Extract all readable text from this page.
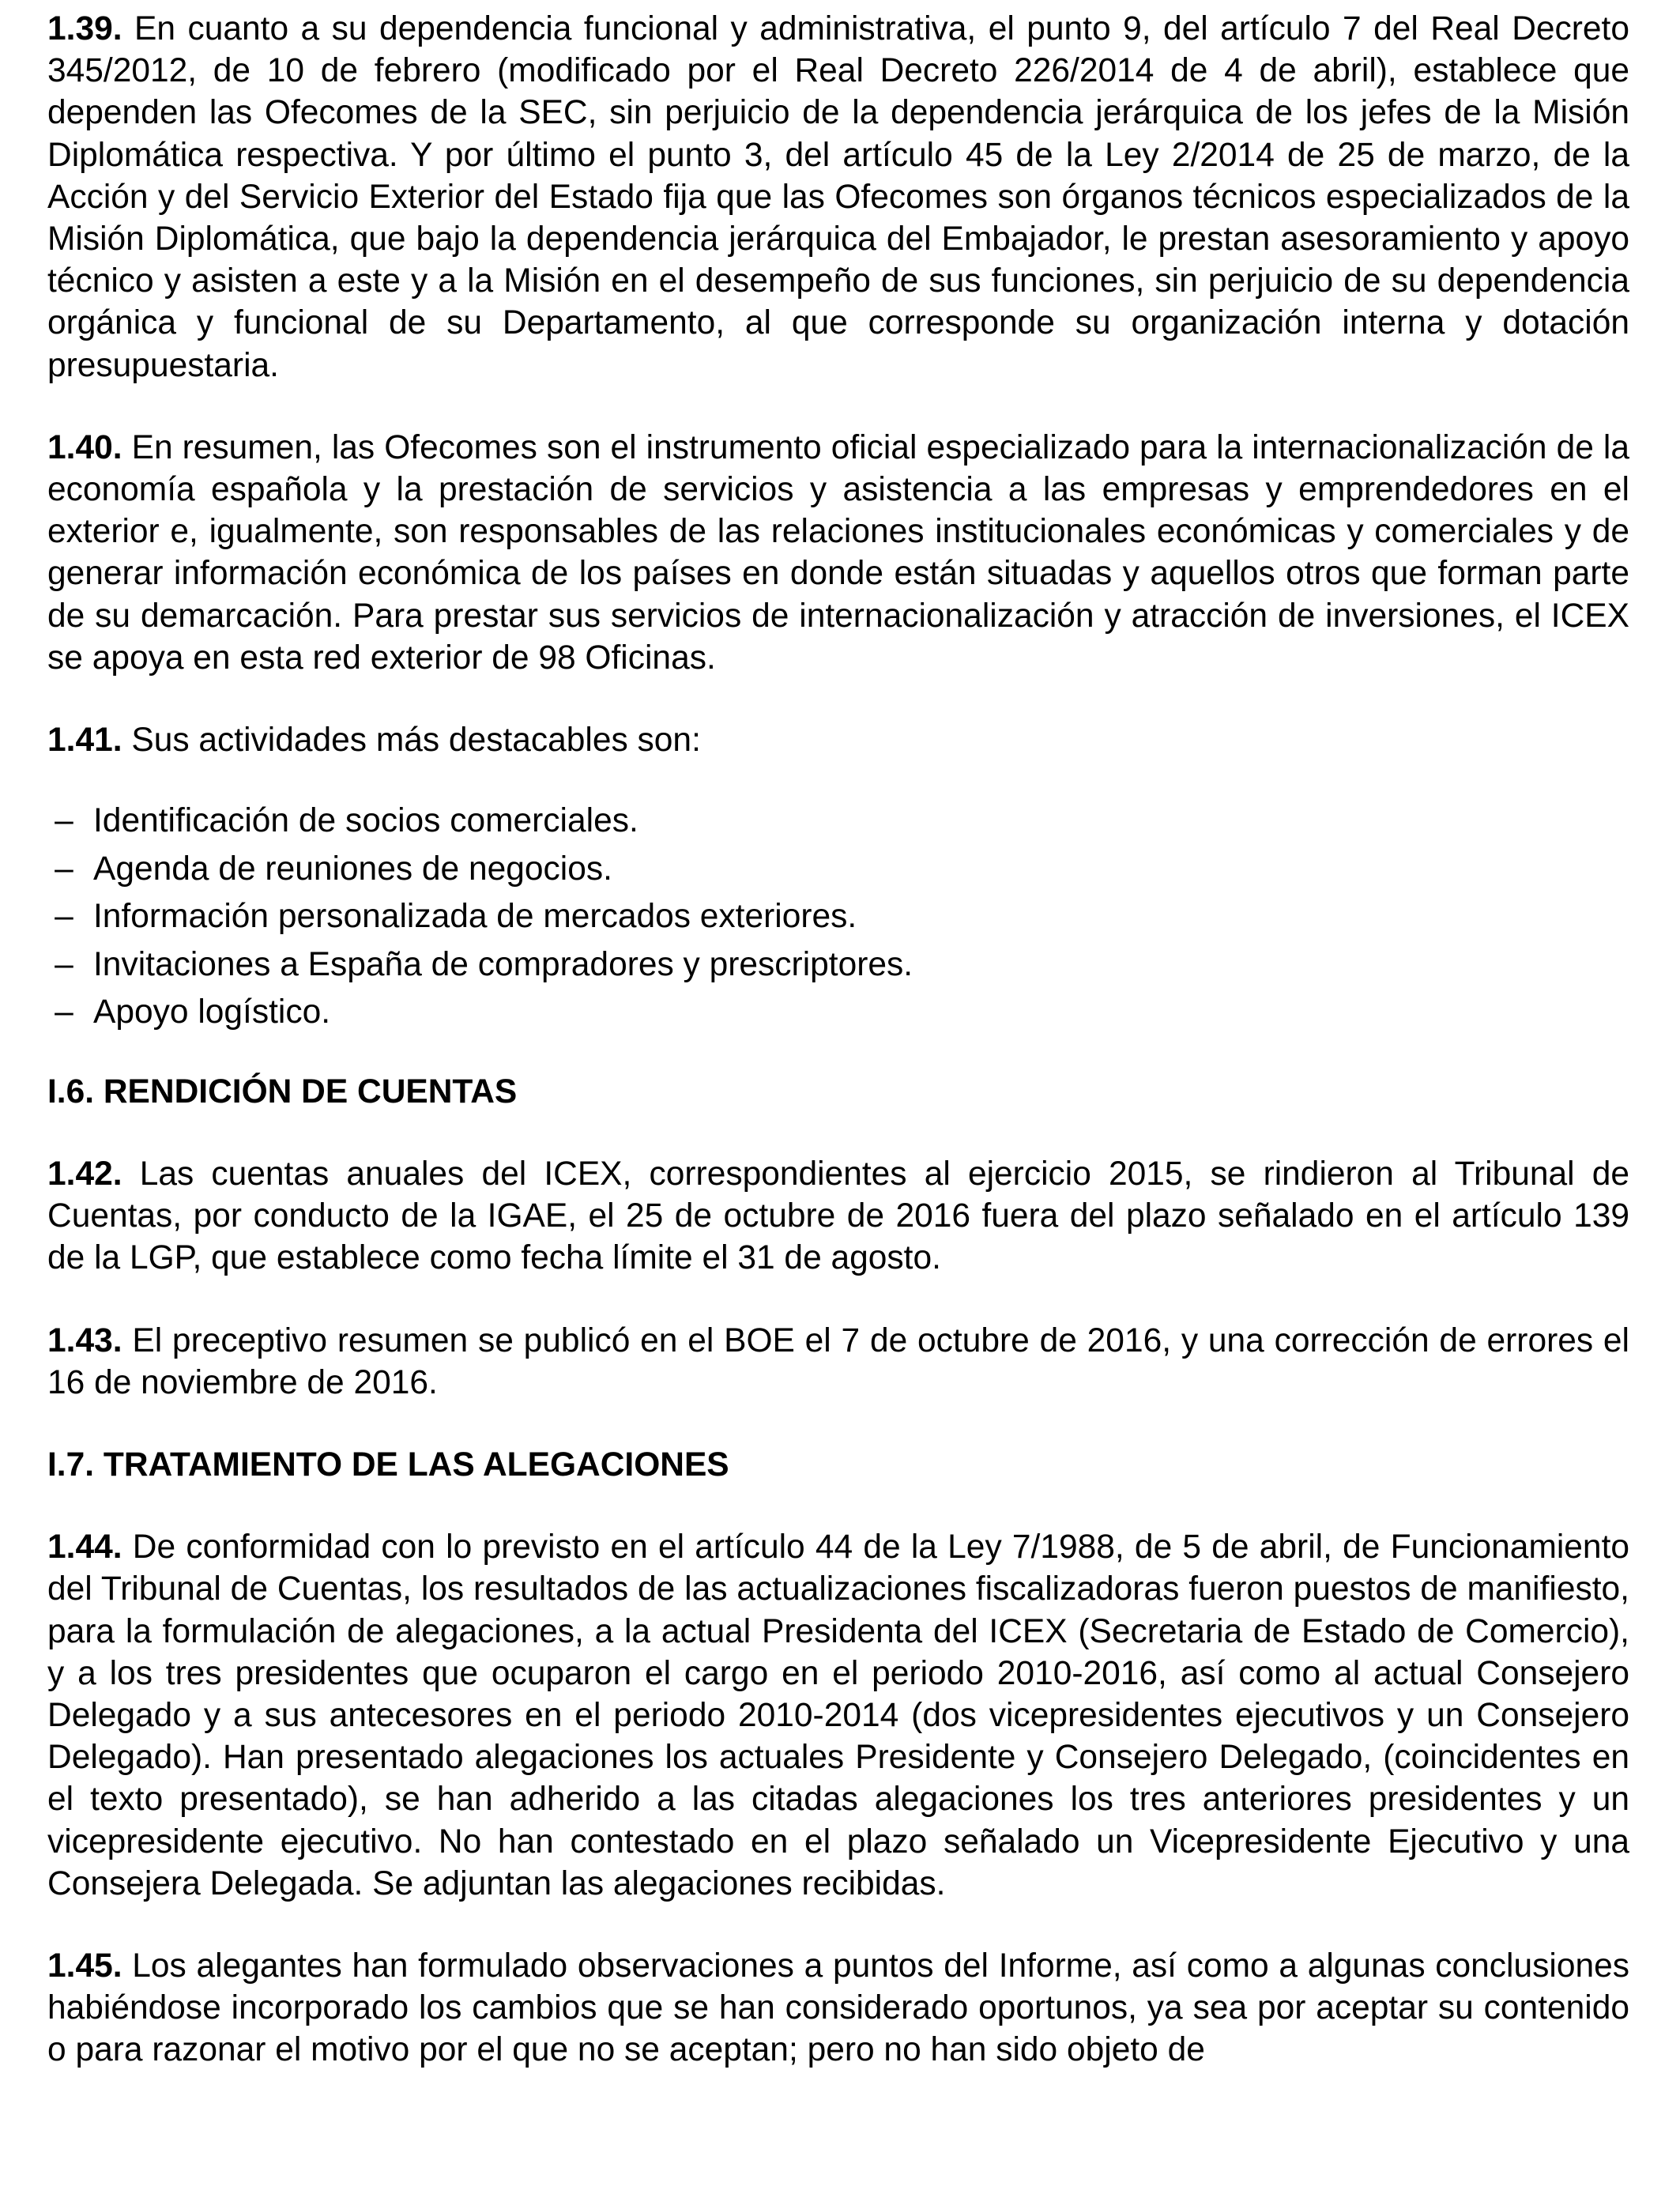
1.39. En cuanto a su dependencia funcional y administrativa, el punto 9, del artículo 7 del Real Decreto 345/2012, de 10 de febrero (modificado por el Real Decreto 226/2014 de 4 de abril), establece que dependen las Ofecomes de la SEC, sin perjuicio de la dependencia jerárquica de los jefes de la Misión Diplomática respectiva. Y por último el punto 3, del artículo 45 de la Ley 2/2014 de 25 de marzo, de la Acción y del Servicio Exterior del Estado fija que las Ofecomes son órganos técnicos especializados de la Misión Diplomática, que bajo la dependencia jerárquica del Embajador, le prestan asesoramiento y apoyo técnico y asisten a este y a la Misión en el desempeño de sus funciones, sin perjuicio de su dependencia orgánica y funcional de su Departamento, al que corresponde su organización interna y dotación presupuestaria.

1.40. En resumen, las Ofecomes son el instrumento oficial especializado para la internacionalización de la economía española y la prestación de servicios y asistencia a las empresas y emprendedores en el exterior e, igualmente, son responsables de las relaciones institucionales económicas y comerciales y de generar información económica de los países en donde están situadas y aquellos otros que forman parte de su demarcación. Para prestar sus servicios de internacionalización y atracción de inversiones, el ICEX se apoya en esta red exterior de 98 Oficinas.

1.41. Sus actividades más destacables son:

– Identificación de socios comerciales.
– Agenda de reuniones de negocios.
– Información personalizada de mercados exteriores.
– Invitaciones a España de compradores y prescriptores.
– Apoyo logístico.
I.6. RENDICIÓN DE CUENTAS

1.42. Las cuentas anuales del ICEX, correspondientes al ejercicio 2015, se rindieron al Tribunal de Cuentas, por conducto de la IGAE, el 25 de octubre de 2016 fuera del plazo señalado en el artículo 139 de la LGP, que establece como fecha límite el 31 de agosto.

1.43. El preceptivo resumen se publicó en el BOE el 7 de octubre de 2016, y una corrección de errores el 16 de noviembre de 2016.

I.7. TRATAMIENTO DE LAS ALEGACIONES

1.44. De conformidad con lo previsto en el artículo 44 de la Ley 7/1988, de 5 de abril, de Funcionamiento del Tribunal de Cuentas, los resultados de las actualizaciones fiscalizadoras fueron puestos de manifiesto, para la formulación de alegaciones, a la actual Presidenta del ICEX (Secretaria de Estado de Comercio), y a los tres presidentes que ocuparon el cargo en el periodo 2010-2016, así como al actual Consejero Delegado y a sus antecesores en el periodo 2010-2014 (dos vicepresidentes ejecutivos y un Consejero Delegado). Han presentado alegaciones los actuales Presidente y Consejero Delegado, (coincidentes en el texto presentado), se han adherido a las citadas alegaciones los tres anteriores presidentes y un vicepresidente ejecutivo. No han contestado en el plazo señalado un Vicepresidente Ejecutivo y una Consejera Delegada. Se adjuntan las alegaciones recibidas.

1.45. Los alegantes han formulado observaciones a puntos del Informe, así como a algunas conclusiones habiéndose incorporado los cambios que se han considerado oportunos, ya sea por aceptar su contenido o para razonar el motivo por el que no se aceptan; pero no han sido objeto de
